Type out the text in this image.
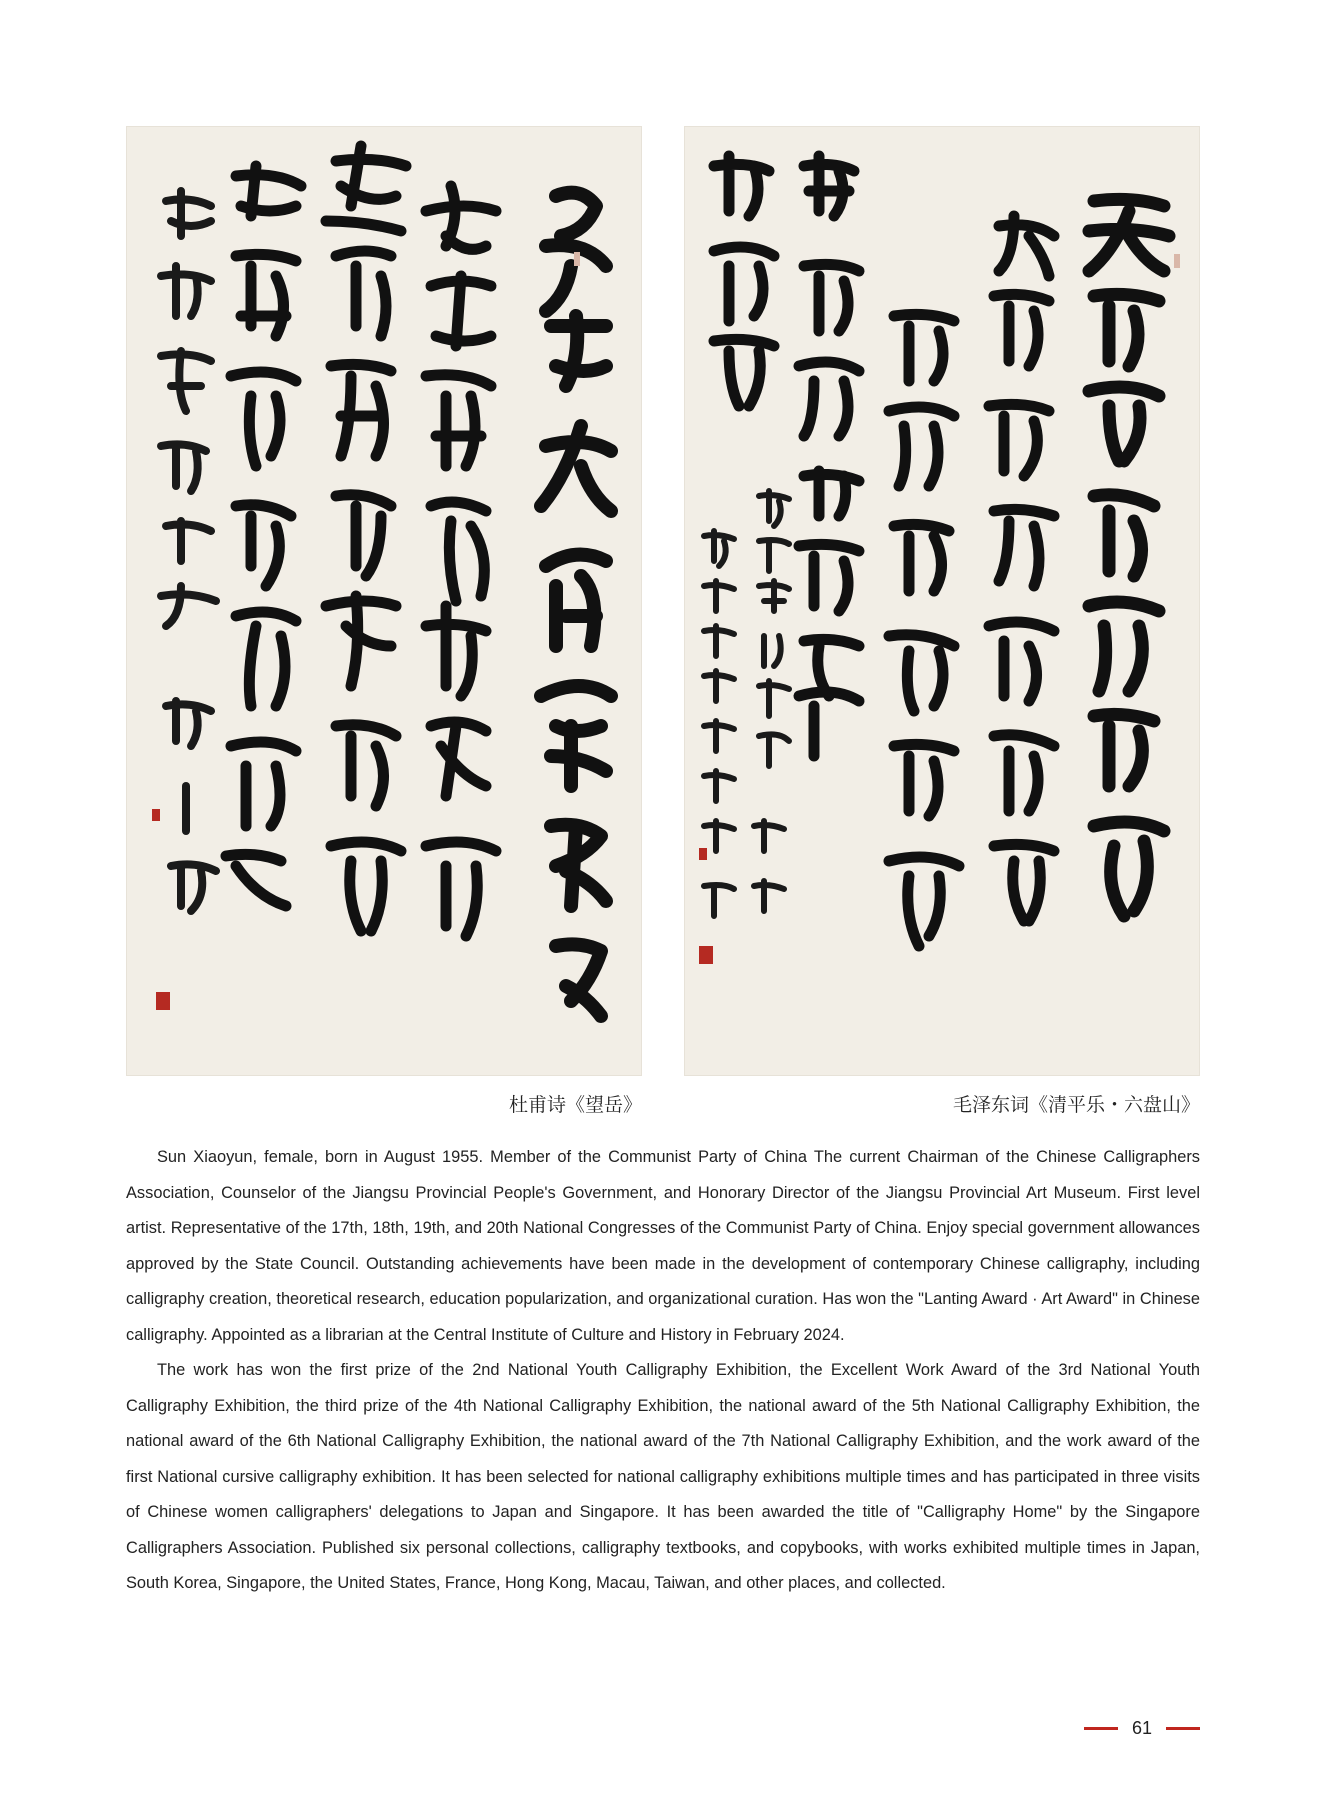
杜甫诗《望岳》	毛泽东词《清平乐・六盘山》

Sun Xiaoyun, female, born in August 1955. Member of the Communist Party of China The current Chairman of the Chinese Calligraphers Association, Counselor of the Jiangsu Provincial People's Government, and Honorary Director of the Jiangsu Provincial Art Museum. First level artist. Representative of the 17th, 18th, 19th, and 20th National Congresses of the Communist Party of China. Enjoy special government allowances approved by the State Council. Outstanding achievements have been made in the development of contemporary Chinese calligraphy, including calligraphy creation, theoretical research, education popularization, and organizational curation. Has won the "Lanting Award · Art Award" in Chinese calligraphy. Appointed as a librarian at the Central Institute of Culture and History in February 2024.

The work has won the first prize of the 2nd National Youth Calligraphy Exhibition, the Excellent Work Award of the 3rd National Youth Calligraphy Exhibition, the third prize of the 4th National Calligraphy Exhibition, the national award of the 5th National Calligraphy Exhibition, the national award of the 6th National Calligraphy Exhibition, the national award of the 7th National Calligraphy Exhibition, and the work award of the first National cursive calligraphy exhibition. It has been selected for national calligraphy exhibitions multiple times and has participated in three visits of Chinese women calligraphers' delegations to Japan and Singapore. It has been awarded the title of "Calligraphy Home" by the Singapore Calligraphers Association. Published six personal collections, calligraphy textbooks, and copybooks, with works exhibited multiple times in Japan, South Korea, Singapore, the United States, France, Hong Kong, Macau, Taiwan, and other places, and collected.

61
